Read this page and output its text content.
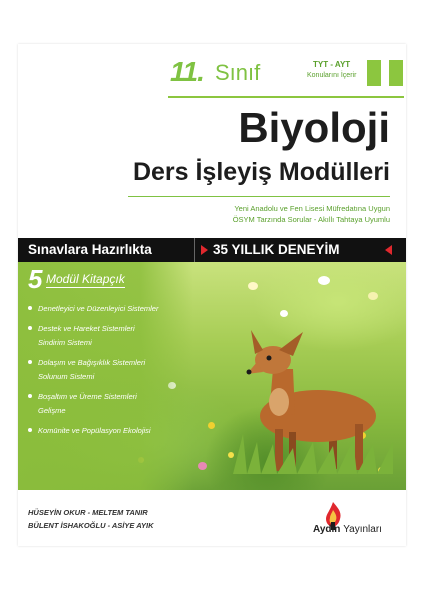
11. Sınıf	TYT - AYT
Konularını İçerir
Biyoloji
Ders İşleyiş Modülleri
Yeni Anadolu ve Fen Lisesi Müfredatına Uygun
ÖSYM Tarzında Sorular - Akıllı Tahtaya Uyumlu
Sınavlara Hazırlıkta	35 YILLIK DENEYİM
5 Modül Kitapçık
Denetleyici ve Düzenleyici Sistemler
Destek ve Hareket Sistemleri
Sindirim Sistemi
Dolaşım ve Bağışıklık Sistemleri
Solunum Sistemi
Boşaltım ve Üreme Sistemleri
Gelişme
Komünite ve Popülasyon Ekolojisi
HÜSEYİN OKUR - MELTEM TANIR
BÜLENT İSHAKOĞLU - ASİYE AYIK	Aydın Yayınları
